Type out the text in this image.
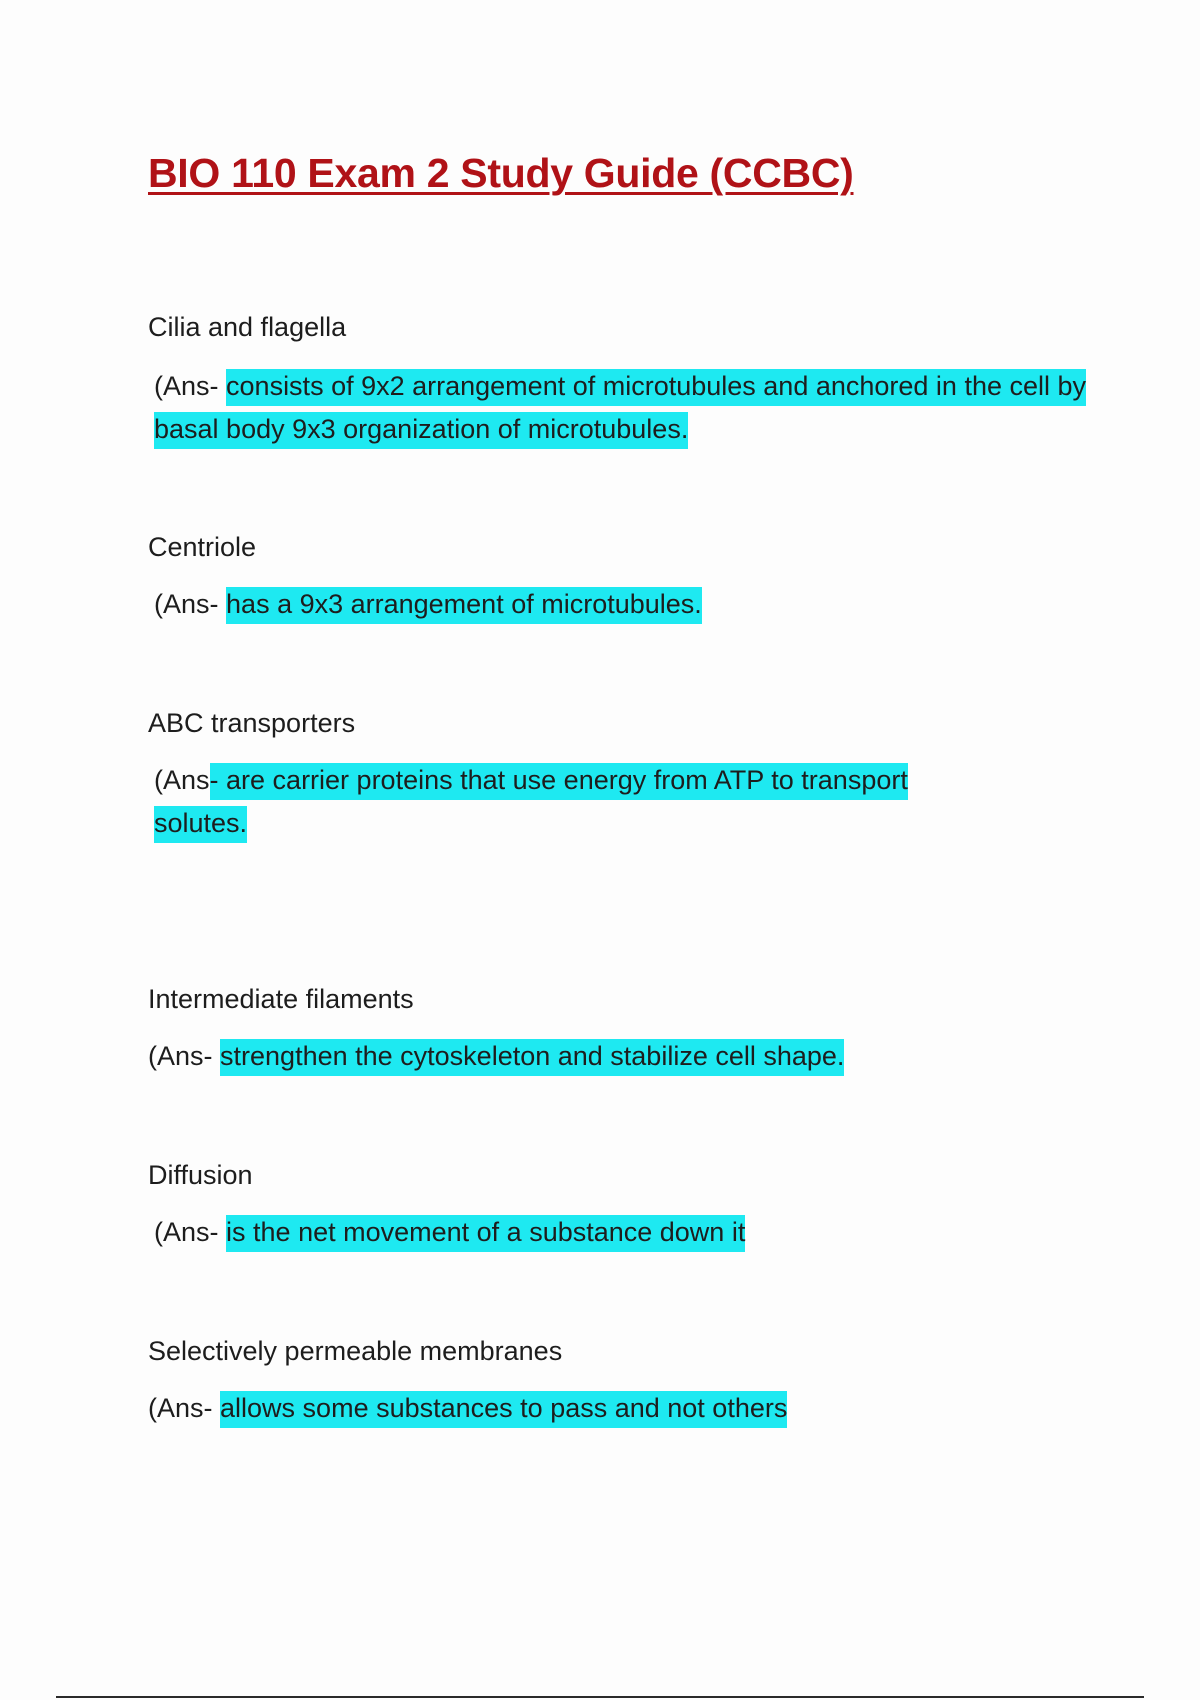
BIO 110 Exam 2 Study Guide (CCBC)

Cilia and flagella

(Ans- consists of 9x2 arrangement of microtubules and anchored in the cell by basal body 9x3 organization of microtubules.

Centriole

(Ans- has a 9x3 arrangement of microtubules.

ABC transporters

(Ans- are carrier proteins that use energy from ATP to transport solutes.

Intermediate filaments

(Ans- strengthen the cytoskeleton and stabilize cell shape.

Diffusion

(Ans- is the net movement of a substance down it

Selectively permeable membranes

(Ans- allows some substances to pass and not others
